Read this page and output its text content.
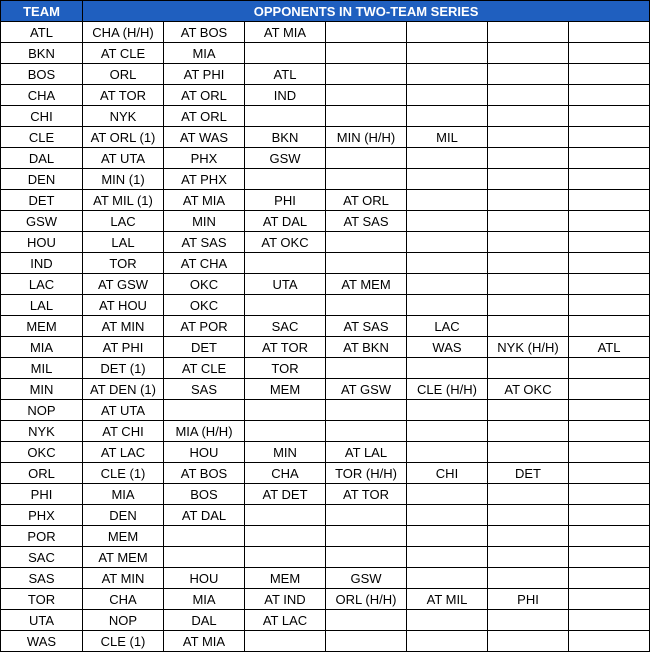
TEAM	OPPONENTS IN TWO-TEAM SERIES						
ATL	CHA (H/H)	AT BOS	AT MIA				
BKN	AT CLE	MIA					
BOS	ORL	AT PHI	ATL				
CHA	AT TOR	AT ORL	IND				
CHI	NYK	AT ORL					
CLE	AT ORL (1)	AT WAS	BKN	MIN (H/H)	MIL		
DAL	AT UTA	PHX	GSW				
DEN	MIN (1)	AT PHX					
DET	AT MIL (1)	AT MIA	PHI	AT ORL			
GSW	LAC	MIN	AT DAL	AT SAS			
HOU	LAL	AT SAS	AT OKC				
IND	TOR	AT CHA					
LAC	AT GSW	OKC	UTA	AT MEM			
LAL	AT HOU	OKC					
MEM	AT MIN	AT POR	SAC	AT SAS	LAC		
MIA	AT PHI	DET	AT TOR	AT BKN	WAS	NYK (H/H)	ATL
MIL	DET (1)	AT CLE	TOR				
MIN	AT DEN (1)	SAS	MEM	AT GSW	CLE (H/H)	AT OKC	
NOP	AT UTA						
NYK	AT CHI	MIA (H/H)					
OKC	AT LAC	HOU	MIN	AT LAL			
ORL	CLE (1)	AT BOS	CHA	TOR (H/H)	CHI	DET	
PHI	MIA	BOS	AT DET	AT TOR			
PHX	DEN	AT DAL					
POR	MEM						
SAC	AT MEM						
SAS	AT MIN	HOU	MEM	GSW			
TOR	CHA	MIA	AT IND	ORL (H/H)	AT MIL	PHI	
UTA	NOP	DAL	AT LAC				
WAS	CLE (1)	AT MIA					
